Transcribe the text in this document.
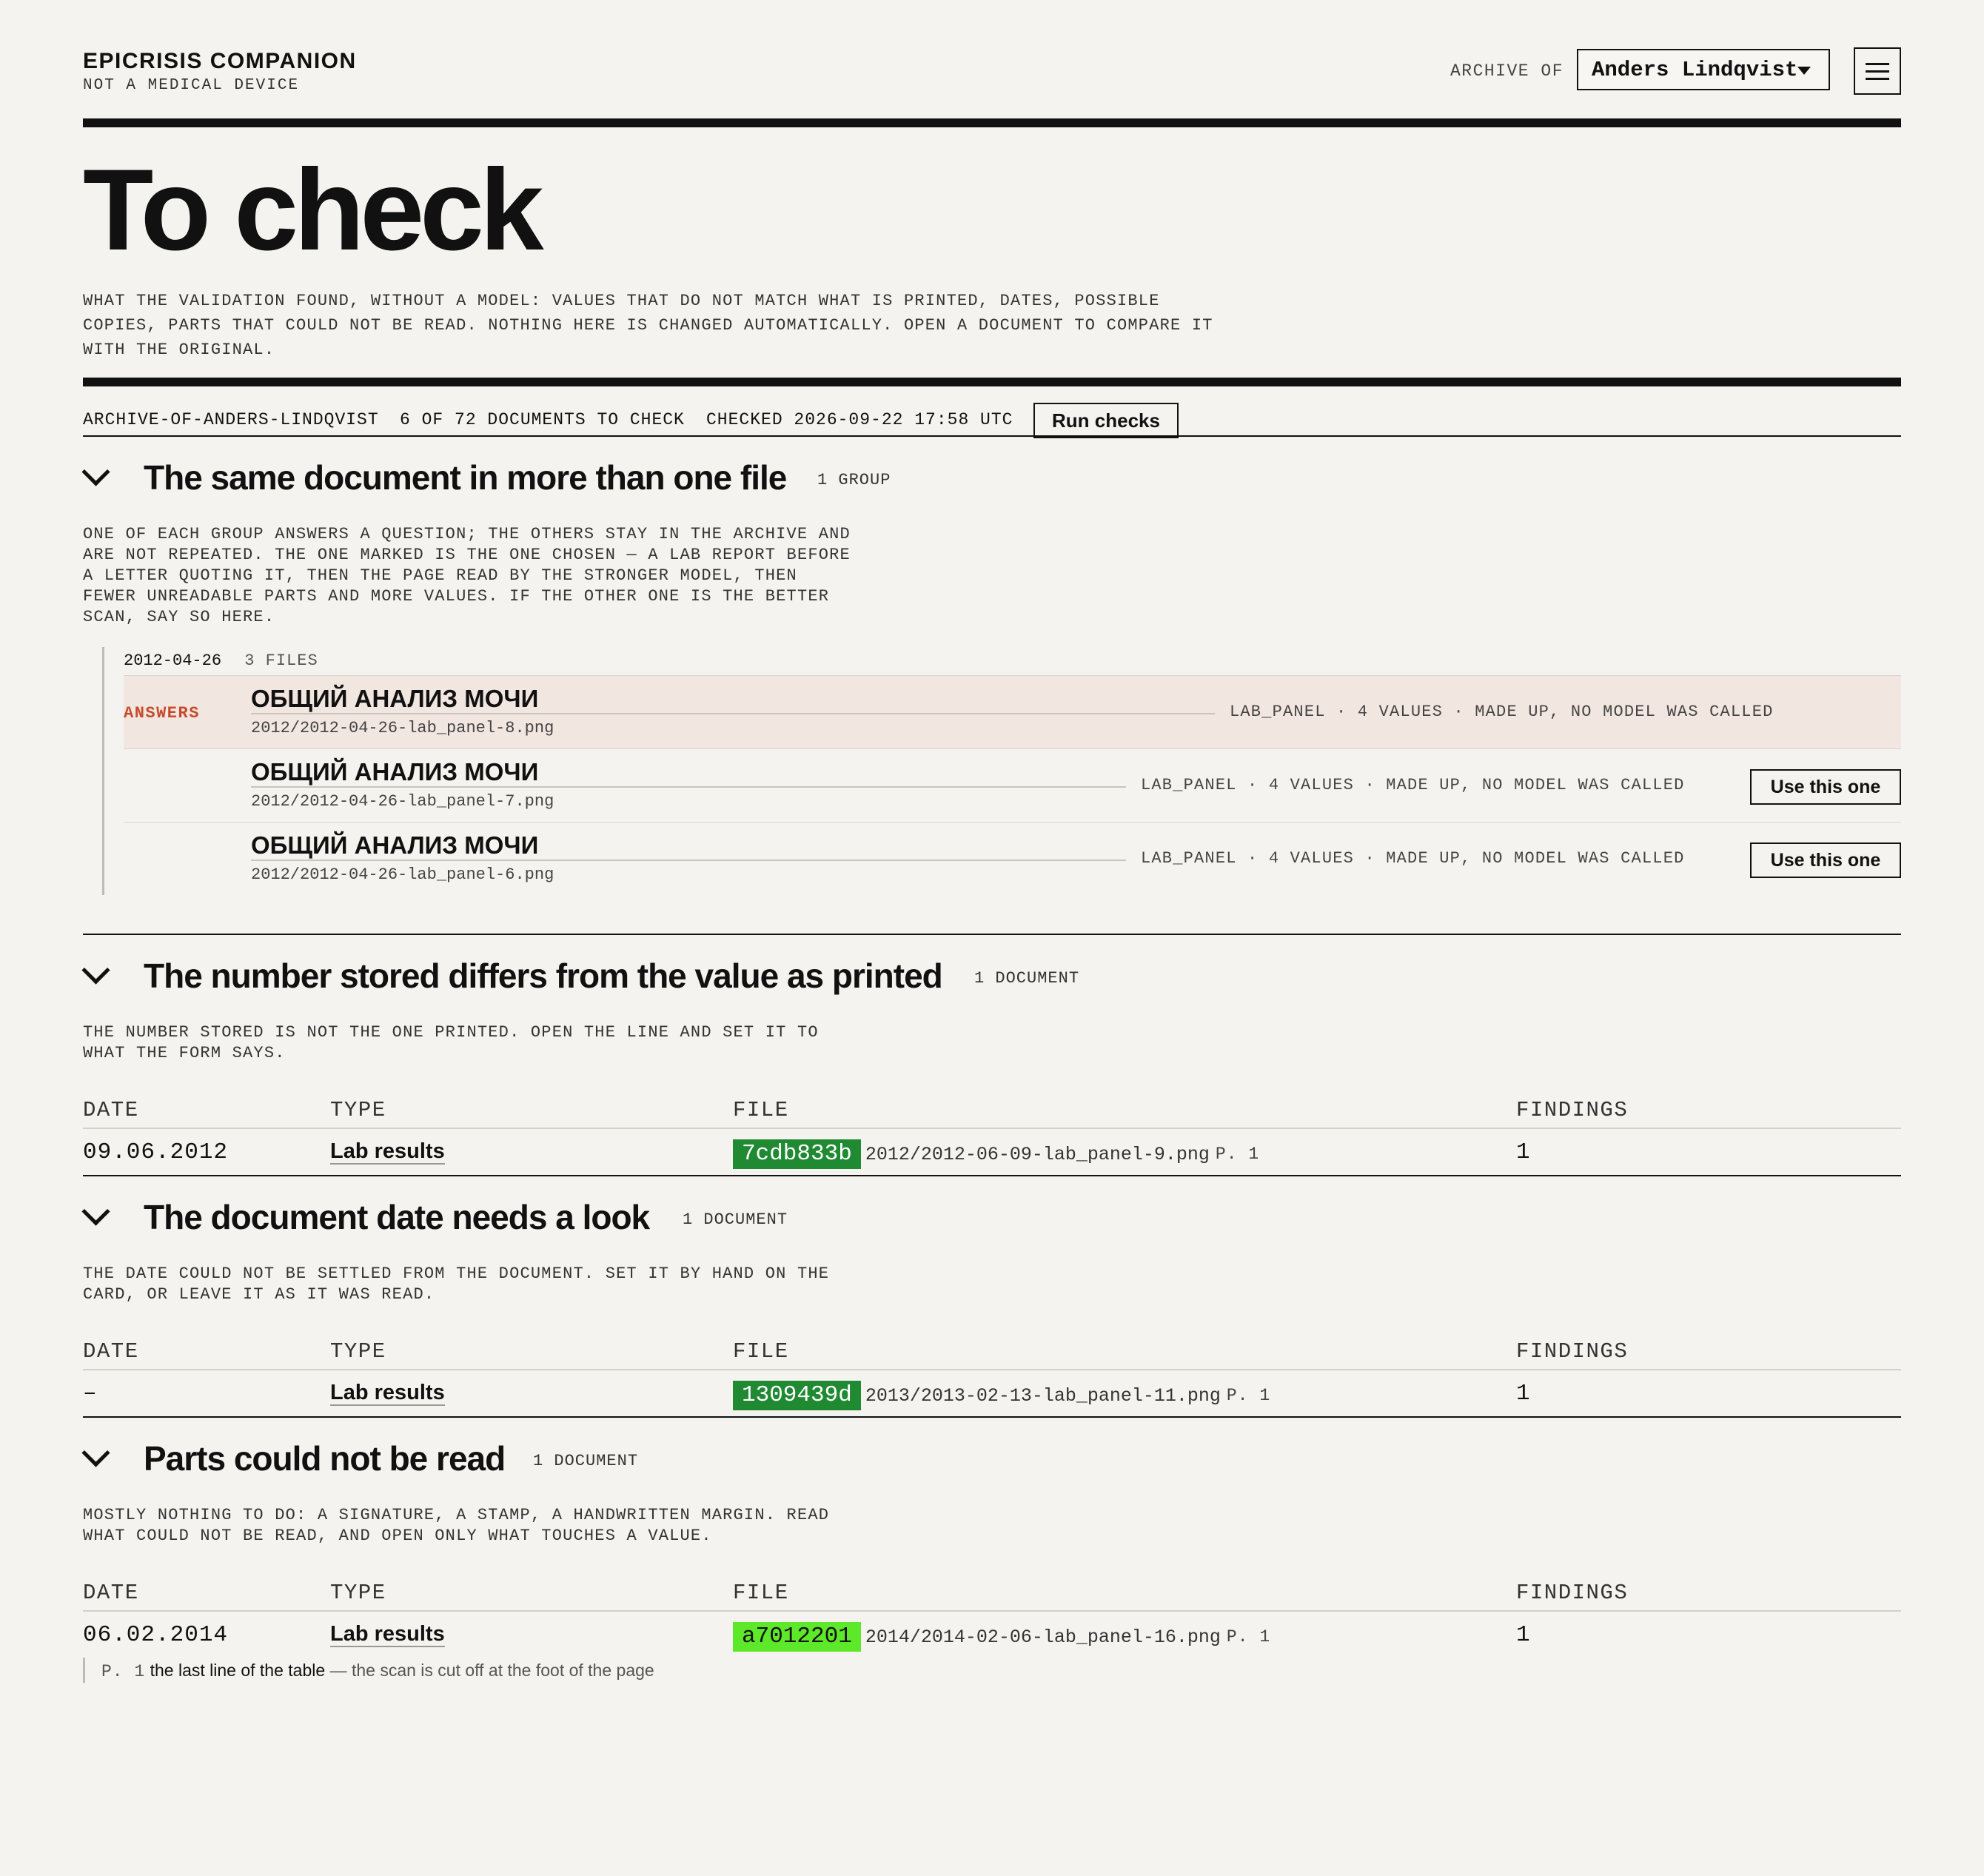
EPICRISIS COMPANION
NOT A MEDICAL DEVICE
ARCHIVE OF Anders Lindqvist
To check
WHAT THE VALIDATION FOUND, WITHOUT A MODEL: VALUES THAT DO NOT MATCH WHAT IS PRINTED, DATES, POSSIBLE COPIES, PARTS THAT COULD NOT BE READ. NOTHING HERE IS CHANGED AUTOMATICALLY. OPEN A DOCUMENT TO COMPARE IT WITH THE ORIGINAL.
ARCHIVE-OF-ANDERS-LINDQVIST 6 OF 72 DOCUMENTS TO CHECK CHECKED 2026-09-22 17:58 UTC	Run checks
The same document in more than one file 1 GROUP
ONE OF EACH GROUP ANSWERS A QUESTION; THE OTHERS STAY IN THE ARCHIVE AND ARE NOT REPEATED. THE ONE MARKED IS THE ONE CHOSEN — A LAB REPORT BEFORE A LETTER QUOTING IT, THEN THE PAGE READ BY THE STRONGER MODEL, THEN FEWER UNREADABLE PARTS AND MORE VALUES. IF THE OTHER ONE IS THE BETTER SCAN, SAY SO HERE.
2012-04-26 3 FILES
ANSWERS
ОБЩИЙ АНАЛИЗ МОЧИ
2012/2012-04-26-lab_panel-8.png
LAB_PANEL · 4 VALUES · MADE UP, NO MODEL WAS CALLED
ОБЩИЙ АНАЛИЗ МОЧИ
2012/2012-04-26-lab_panel-7.png
LAB_PANEL · 4 VALUES · MADE UP, NO MODEL WAS CALLED	Use this one
ОБЩИЙ АНАЛИЗ МОЧИ
2012/2012-04-26-lab_panel-6.png
LAB_PANEL · 4 VALUES · MADE UP, NO MODEL WAS CALLED	Use this one
The number stored differs from the value as printed 1 DOCUMENT
THE NUMBER STORED IS NOT THE ONE PRINTED. OPEN THE LINE AND SET IT TO WHAT THE FORM SAYS.
DATE	TYPE	FILE	FINDINGS
09.06.2012	Lab results	7cdb833b 2012/2012-06-09-lab_panel-9.png P. 1	1
The document date needs a look 1 DOCUMENT
THE DATE COULD NOT BE SETTLED FROM THE DOCUMENT. SET IT BY HAND ON THE CARD, OR LEAVE IT AS IT WAS READ.
DATE	TYPE	FILE	FINDINGS
–	Lab results	1309439d 2013/2013-02-13-lab_panel-11.png P. 1	1
Parts could not be read 1 DOCUMENT
MOSTLY NOTHING TO DO: A SIGNATURE, A STAMP, A HANDWRITTEN MARGIN. READ WHAT COULD NOT BE READ, AND OPEN ONLY WHAT TOUCHES A VALUE.
DATE	TYPE	FILE	FINDINGS
06.02.2014	Lab results	a7012201 2014/2014-02-06-lab_panel-16.png P. 1	1
P. 1 the last line of the table — the scan is cut off at the foot of the page
